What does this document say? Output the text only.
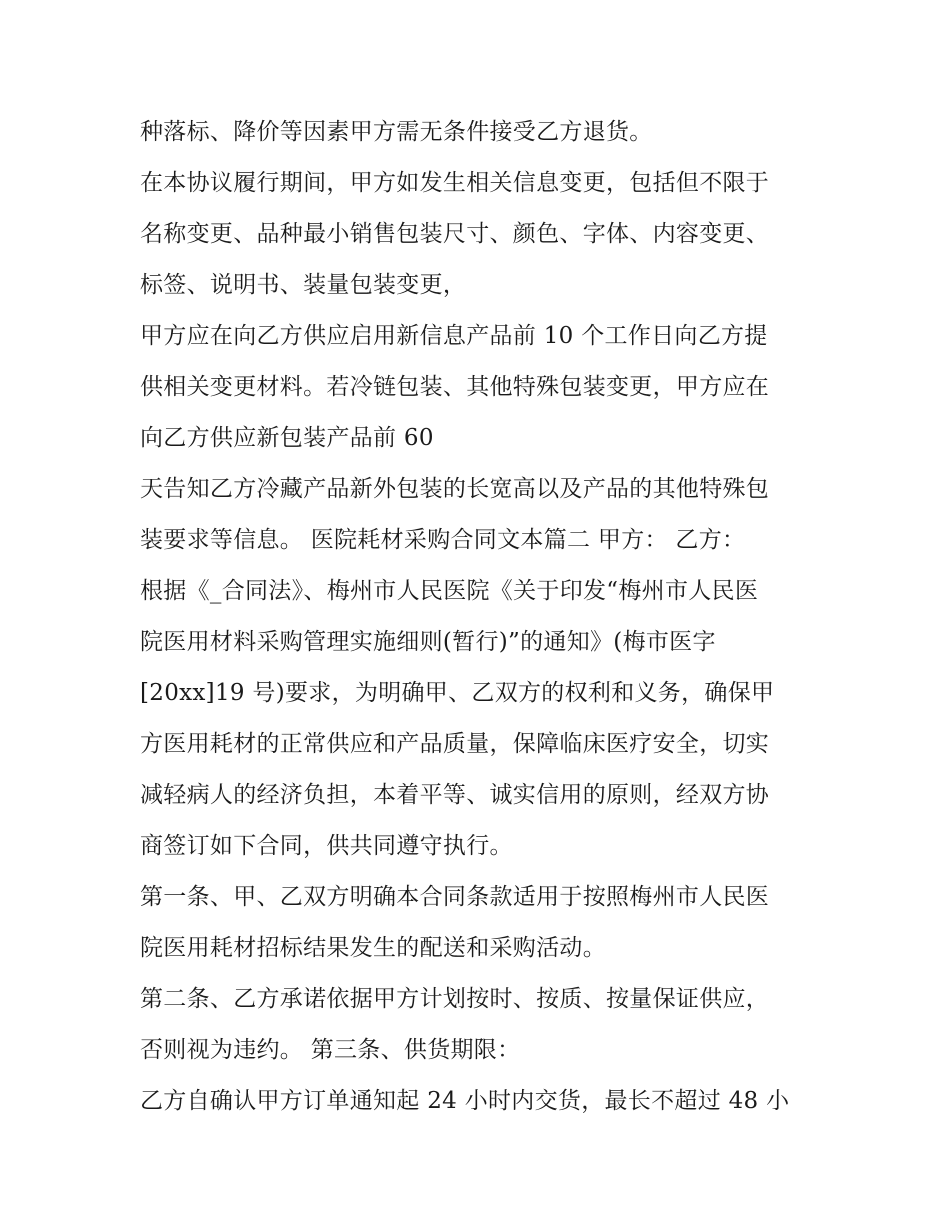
种落标、降价等因素甲方需无条件接受乙方退货。
在本协议履行期间，甲方如发生相关信息变更，包括但不限于
名称变更、品种最小销售包装尺寸、颜色、字体、内容变更、
标签、说明书、装量包装变更，
甲方应在向乙方供应启用新信息产品前 10 个工作日向乙方提
供相关变更材料。若冷链包装、其他特殊包装变更，甲方应在
向乙方供应新包装产品前 60
天告知乙方冷藏产品新外包装的长宽高以及产品的其他特殊包
装要求等信息。 医院耗材采购合同文本篇二 甲方： 乙方：
根据《_合同法》、梅州市人民医院《关于印发“梅州市人民医
院医用材料采购管理实施细则(暂行)”的通知》(梅市医字
[20xx]19 号)要求，为明确甲、乙双方的权利和义务，确保甲
方医用耗材的正常供应和产品质量，保障临床医疗安全，切实
减轻病人的经济负担，本着平等、诚实信用的原则，经双方协
商签订如下合同，供共同遵守执行。
第一条、甲、乙双方明确本合同条款适用于按照梅州市人民医
院医用耗材招标结果发生的配送和采购活动。
第二条、乙方承诺依据甲方计划按时、按质、按量保证供应，
否则视为违约。 第三条、供货期限：
乙方自确认甲方订单通知起 24 小时内交货，最长不超过 48 小
